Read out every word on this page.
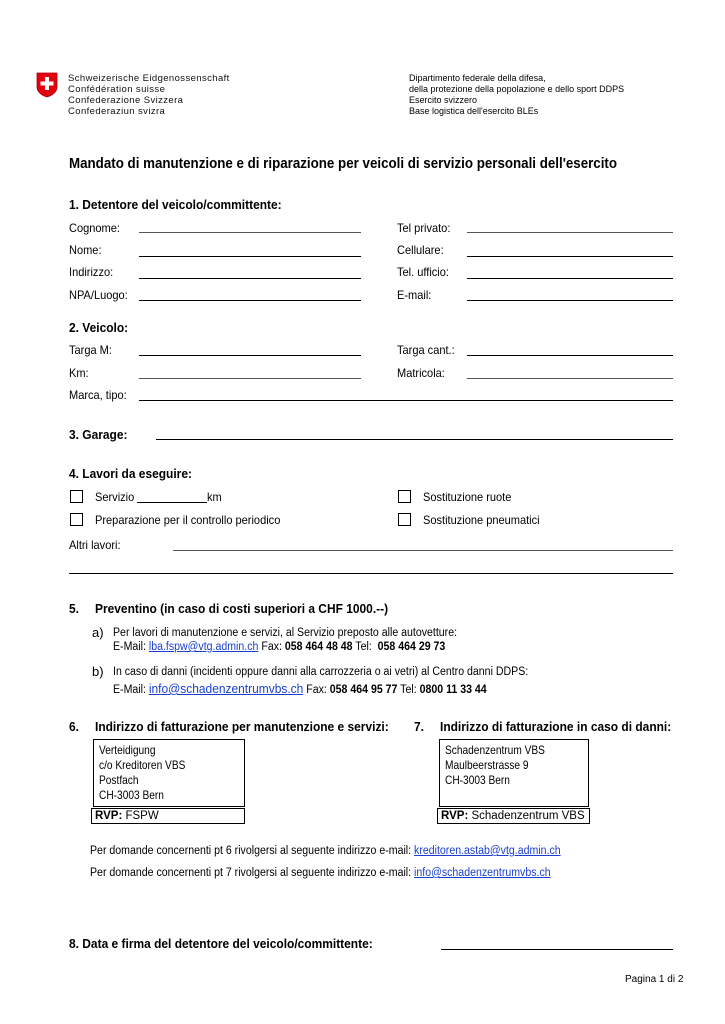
Schweizerische Eidgenossenschaft
Confédération suisse
Confederazione Svizzera
Confederaziun svizra
Dipartimento federale della difesa,
della protezione della popolazione e dello sport DDPS
Esercito svizzero
Base logistica dell'esercito BLEs
Mandato di manutenzione e di riparazione per veicoli di servizio personali dell'esercito
1. Detentore del veicolo/committente:
Cognome:
Nome:
Indirizzo:
NPA/Luogo:
Tel privato:
Cellulare:
Tel. ufficio:
E-mail:
2. Veicolo:
Targa M:
Km:
Marca, tipo:
Targa cant.:
Matricola:
3. Garage:
4. Lavori da eseguire:
Servizio	km
Preparazione per il controllo periodico
Sostituzione ruote
Sostituzione pneumatici
Altri lavori:
5. Preventino (in caso di costi superiori a CHF 1000.--)
a) Per lavori di manutenzione e servizi, al Servizio preposto alle autovetture:
E-Mail: lba.fspw@vtg.admin.ch Fax: 058 464 48 48 Tel: 058 464 29 73
b) In caso di danni (incidenti oppure danni alla carrozzeria o ai vetri) al Centro danni DDPS:
E-Mail: info@schadenzentrumvbs.ch Fax: 058 464 95 77 Tel: 0800 11 33 44
6. Indirizzo di fatturazione per manutenzione e servizi:
Verteidigung
c/o Kreditoren VBS
Postfach
CH-3003 Bern
RVP: FSPW
7. Indirizzo di fatturazione in caso di danni:
Schadenzentrum VBS
Maulbeerstrasse 9
CH-3003 Bern
RVP: Schadenzentrum VBS
Per domande concernenti pt 6 rivolgersi al seguente indirizzo e-mail: kreditoren.astab@vtg.admin.ch
Per domande concernenti pt 7 rivolgersi al seguente indirizzo e-mail: info@schadenzentrumvbs.ch
8. Data e firma del detentore del veicolo/committente:
Pagina 1 di 2
